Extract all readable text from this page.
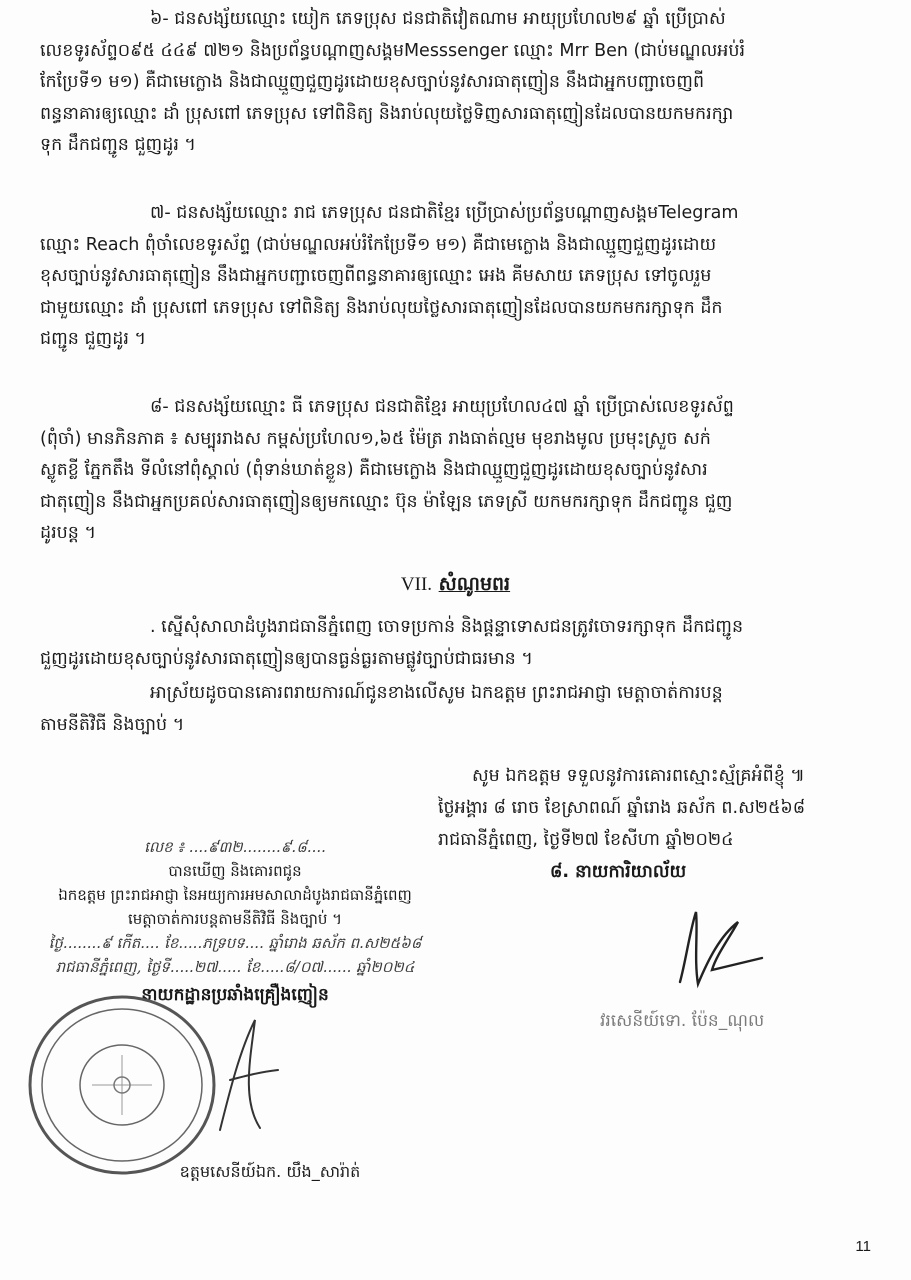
៦- ជនសង្ស័យឈ្មោះ យៀក ភេទប្រុស ជនជាតិវៀតណាម អាយុប្រហែល២៩ ឆ្នាំ ប្រើប្រាស់
លេខទូរស័ព្ទ០៩៥ ៤៤៩ ៧២១ និងប្រព័ន្ធបណ្តាញសង្គមMesssenger ឈ្មោះ Mrr Ben (ជាប់មណ្ឌលអប់រំ
កែប្រែទី១ ម១) គឺជាមេក្លោង និងជាឈ្មួញជួញដូរដោយខុសច្បាប់នូវសារធាតុញៀន នឹងជាអ្នកបញ្ជាចេញពី
ពន្ធនាគារឲ្យឈ្មោះ ដាំ ប្រុសពៅ ភេទប្រុស ទៅពិនិត្យ និងរាប់លុយថ្លៃទិញសារធាតុញៀនដែលបានយកមករក្សា
ទុក ដឹកជញ្ជូន ជួញដូរ ។
៧- ជនសង្ស័យឈ្មោះ រាជ ភេទប្រុស ជនជាតិខ្មែរ ប្រើប្រាស់ប្រព័ន្ធបណ្តាញសង្គមTelegram
ឈ្មោះ Reach ពុំចាំលេខទូរស័ព្ទ (ជាប់មណ្ឌលអប់រំកែប្រែទី១ ម១) គឺជាមេក្លោង និងជាឈ្មួញជួញដូរដោយ
ខុសច្បាប់នូវសារធាតុញៀន នឹងជាអ្នកបញ្ជាចេញពីពន្ធនាគារឲ្យឈ្មោះ អេង គីមសាយ ភេទប្រុស ទៅចូលរួម
ជាមួយឈ្មោះ ដាំ ប្រុសពៅ ភេទប្រុស ទៅពិនិត្យ និងរាប់លុយថ្លៃសារធាតុញៀនដែលបានយកមករក្សាទុក ដឹក
ជញ្ជូន ជួញដូរ ។
៨- ជនសង្ស័យឈ្មោះ ធី ភេទប្រុស ជនជាតិខ្មែរ អាយុប្រហែល៤៧ ឆ្នាំ ប្រើប្រាស់លេខទូរស័ព្ទ
(ពុំចាំ) មានភិនភាគ ៖ សម្បុររាងស កម្ពស់ប្រហែល១,៦៥ ម៉ែត្រ រាងធាត់ល្មម មុខរាងមូល ប្រមុះស្រួច សក់
ស្លូតខ្លី ភ្នែកតឹង ទីលំនៅពុំស្គាល់ (ពុំទាន់ឃាត់ខ្លួន) គឺជាមេក្លោង និងជាឈ្មួញជួញដូរដោយខុសច្បាប់នូវសារ
ជាតុញៀន នឹងជាអ្នកប្រគល់សារធាតុញៀនឲ្យមកឈ្មោះ ប៊ុន ម៉ាឡែន ភេទស្រី យកមករក្សាទុក ដឹកជញ្ជូន ជួញ
ដូរបន្ត ។
VII. សំណូមពរ
. ស្នើសុំសាលាដំបូងរាជធានីភ្នំពេញ ចោទប្រកាន់ និងផ្តន្ទាទោសជនត្រូវចោទរក្សាទុក ដឹកជញ្ជូន
ជួញដូរដោយខុសច្បាប់នូវសារធាតុញៀនឲ្យបានធ្ងន់ធ្ងរតាមផ្លូវច្បាប់ជាធរមាន ។
អាស្រ័យដូចបានគោរពរាយការណ៍ជូនខាងលើសូម ឯកឧត្តម ព្រះរាជអាជ្ញា មេត្តាចាត់ការបន្ត
តាមនីតិវិធី និងច្បាប់ ។
សូម ឯកឧត្តម ទទួលនូវការគោរពស្មោះស្ម័គ្រអំពីខ្ញុំ ៕
ថ្ងៃអង្គារ ៨ រោច ខែស្រាពណ៍ ឆ្នាំរោង ឆស័ក ព.ស២៥៦៨
រាជធានីភ្នំពេញ, ថ្ងៃទី២៧ ខែសីហា ឆ្នាំ២០២៤
៨. នាយការិយាល័យ
វរសេនីយ៍ទោ. ប៉ែន_ណុល
លេខ ៖ ....៩៣២........៩.៨....
បានឃើញ និងគោរពជូន
ឯកឧត្តម ព្រះរាជអាជ្ញា នៃអយ្យការអមសាលាដំបូងរាជធានីភ្នំពេញ
មេត្តាចាត់ការបន្តតាមនីតិវិធី និងច្បាប់ ។
ថ្ងៃ........៩ កើត.... ខែ.....ភទ្របទ.... ឆ្នាំរោង ឆស័ក ព.ស២៥៦៨
រាជធានីភ្នំពេញ, ថ្ងៃទី.....២៧..... ខែ.....៨/០៧...... ឆ្នាំ២០២៤
នាយកដ្ឋានប្រឆាំងគ្រឿងញៀន
ឧត្តមសេនីយ៍ឯក. យឹង_សារ៉ាត់
11
